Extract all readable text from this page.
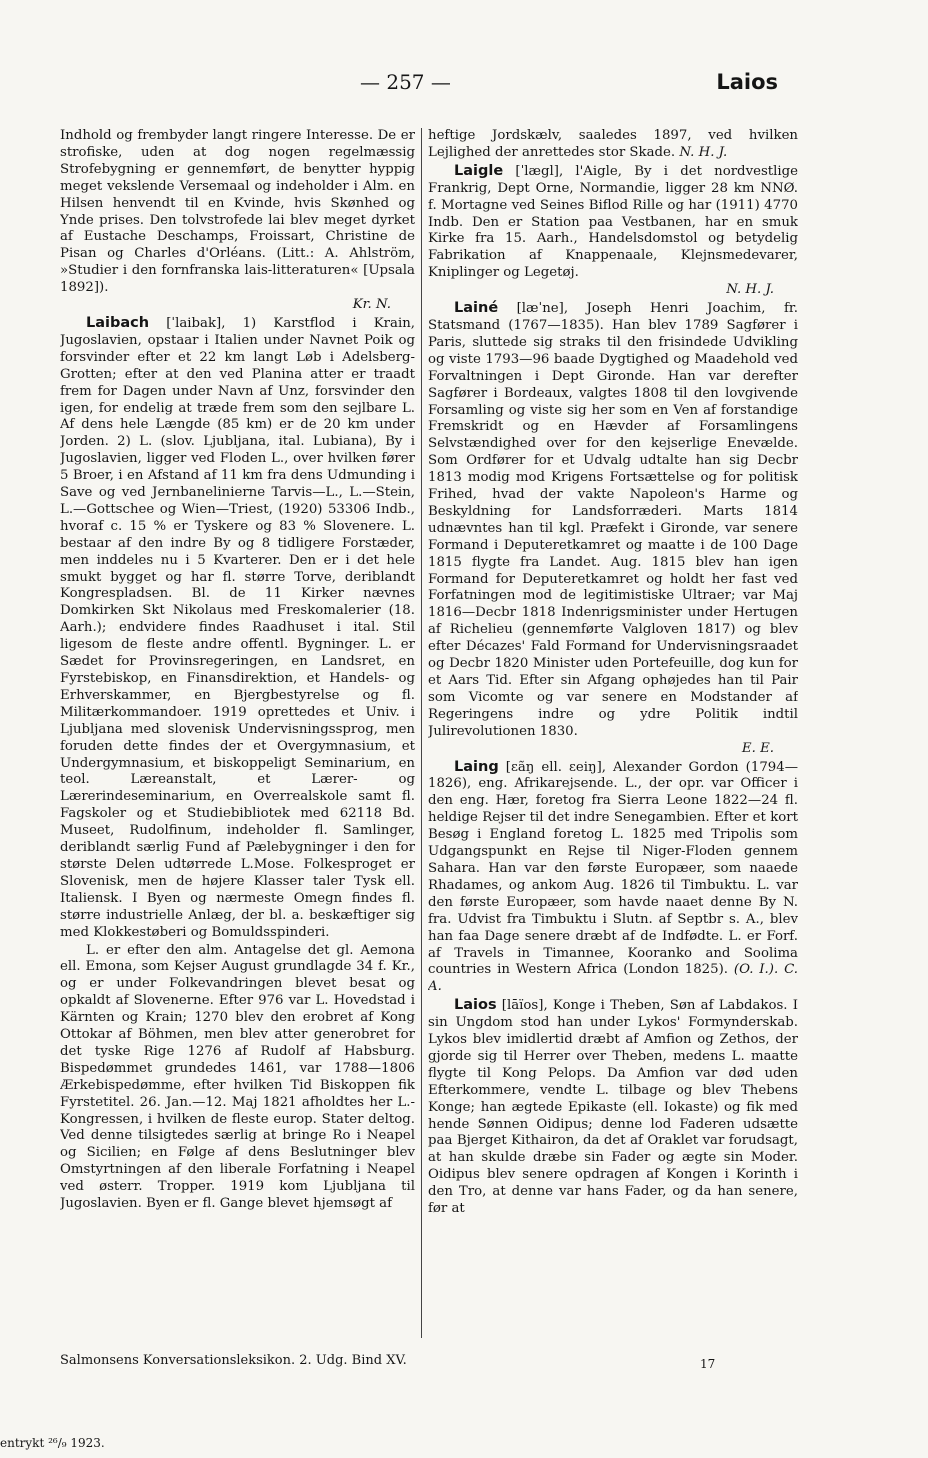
— 257 —	Laios

Indhold og frembyder langt ringere Interesse. De er strofiske, uden at dog nogen regelmæssig Strofebygning er gennemført, de benytter hyppig meget vekslende Versemaal og indeholder i Alm. en Hilsen henvendt til en Kvinde, hvis Skønhed og Ynde prises. Den tolvstrofede lai blev meget dyrket af Eustache Deschamps, Froissart, Christine de Pisan og Charles d'Orléans. (Litt.: A. Ahlström, »Studier i den fornfranska lais-litteraturen« [Upsala 1892]).
Kr. N.

Laibach [ˈlaibak], 1) Karstflod i Krain, Jugoslavien, opstaar i Italien under Navnet Poik og forsvinder efter et 22 km langt Løb i Adelsberg-Grotten; efter at den ved Planina atter er traadt frem for Dagen under Navn af Unz, forsvinder den igen, for endelig at træde frem som den sejlbare L. Af dens hele Længde (85 km) er de 20 km under Jorden. 2) L. (slov. Ljubljana, ital. Lubiana), By i Jugoslavien, ligger ved Floden L., over hvilken fører 5 Broer, i en Afstand af 11 km fra dens Udmunding i Save og ved Jernbanelinierne Tarvis—L., L.—Stein, L.—Gottschee og Wien—Triest, (1920) 53306 Indb., hvoraf c. 15 % er Tyskere og 83 % Slovenere. L. bestaar af den indre By og 8 tidligere Forstæder, men inddeles nu i 5 Kvarterer. Den er i det hele smukt bygget og har fl. større Torve, deriblandt Kongrespladsen. Bl. de 11 Kirker nævnes Domkirken Skt Nikolaus med Freskomalerier (18. Aarh.); endvidere findes Raadhuset i ital. Stil ligesom de fleste andre offentl. Bygninger. L. er Sædet for Provinsregeringen, en Landsret, en Fyrstebiskop, en Finansdirektion, et Handels- og Erhverskammer, en Bjergbestyrelse og fl. Militærkommandoer. 1919 oprettedes et Univ. i Ljubljana med slovenisk Undervisningssprog, men foruden dette findes der et Overgymnasium, et Undergymnasium, et biskoppeligt Seminarium, en teol. Læreanstalt, et Lærer- og Lærerindeseminarium, en Overrealskole samt fl. Fagskoler og et Studiebibliotek med 62118 Bd. Museet, Rudolfinum, indeholder fl. Samlinger, deriblandt særlig Fund af Pælebygninger i den for største Delen udtørrede L.Mose. Folkesproget er Slovenisk, men de højere Klasser taler Tysk ell. Italiensk. I Byen og nærmeste Omegn findes fl. større industrielle Anlæg, der bl. a. beskæftiger sig med Klokkestøberi og Bomuldsspinderi.

L. er efter den alm. Antagelse det gl. Aemona ell. Emona, som Kejser August grundlagde 34 f. Kr., og er under Folkevandringen blevet besat og opkaldt af Slovenerne. Efter 976 var L. Hovedstad i Kärnten og Krain; 1270 blev den erobret af Kong Ottokar af Böhmen, men blev atter generobret for det tyske Rige 1276 af Rudolf af Habsburg. Bispedømmet grundedes 1461, var 1788—1806 Ærkebispedømme, efter hvilken Tid Biskoppen fik Fyrstetitel. 26. Jan.—12. Maj 1821 afholdtes her L.-Kongressen, i hvilken de fleste europ. Stater deltog. Ved denne tilsigtedes særlig at bringe Ro i Neapel og Sicilien; en Følge af dens Beslutninger blev Omstyrtningen af den liberale Forfatning i Neapel ved østerr. Tropper. 1919 kom Ljubljana til Jugoslavien. Byen er fl. Gange blevet hjemsøgt af

heftige Jordskælv, saaledes 1897, ved hvilken Lejlighed der anrettedes stor Skade. N. H. J.

Laigle [ˈlægl], l'Aigle, By i det nordvestlige Frankrig, Dept Orne, Normandie, ligger 28 km NNØ. f. Mortagne ved Seines Biflod Rille og har (1911) 4770 Indb. Den er Station paa Vestbanen, har en smuk Kirke fra 15. Aarh., Handelsdomstol og betydelig Fabrikation af Knappenaale, Klejnsmedevarer, Kniplinger og Legetøj.
N. H. J.

Lainé [læˈne], Joseph Henri Joachim, fr. Statsmand (1767—1835). Han blev 1789 Sagfører i Paris, sluttede sig straks til den frisindede Udvikling og viste 1793—96 baade Dygtighed og Maadehold ved Forvaltningen i Dept Gironde. Han var derefter Sagfører i Bordeaux, valgtes 1808 til den lovgivende Forsamling og viste sig her som en Ven af forstandige Fremskridt og en Hævder af Forsamlingens Selvstændighed over for den kejserlige Enevælde. Som Ordfører for et Udvalg udtalte han sig Decbr 1813 modig mod Krigens Fortsættelse og for politisk Frihed, hvad der vakte Napoleon's Harme og Beskyldning for Landsforræderi. Marts 1814 udnævntes han til kgl. Præfekt i Gironde, var senere Formand i Deputeretkamret og maatte i de 100 Dage 1815 flygte fra Landet. Aug. 1815 blev han igen Formand for Deputeretkamret og holdt her fast ved Forfatningen mod de legitimistiske Ultraer; var Maj 1816—Decbr 1818 Indenrigsminister under Hertugen af Richelieu (gennemførte Valgloven 1817) og blev efter Décazes' Fald Formand for Undervisningsraadet og Decbr 1820 Minister uden Portefeuille, dog kun for et Aars Tid. Efter sin Afgang ophøjedes han til Pair som Vicomte og var senere en Modstander af Regeringens indre og ydre Politik indtil Julirevolutionen 1830.
E. E.

Laing [ɛãŋ ell. ɛeiŋ], Alexander Gordon (1794—1826), eng. Afrikarejsende. L., der opr. var Officer i den eng. Hær, foretog fra Sierra Leone 1822—24 fl. heldige Rejser til det indre Senegambien. Efter et kort Besøg i England foretog L. 1825 med Tripolis som Udgangspunkt en Rejse til Niger-Floden gennem Sahara. Han var den første Europæer, som naaede Rhadames, og ankom Aug. 1826 til Timbuktu. L. var den første Europæer, som havde naaet denne By N. fra. Udvist fra Timbuktu i Slutn. af Septbr s. A., blev han faa Dage senere dræbt af de Indfødte. L. er Forf. af Travels in Timannee, Kooranko and Soolima countries in Western Africa (London 1825). (O. I.). C. A.

Laios [lāïos], Konge i Theben, Søn af Labdakos. I sin Ungdom stod han under Lykos' Formynderskab. Lykos blev imidlertid dræbt af Amfion og Zethos, der gjorde sig til Herrer over Theben, medens L. maatte flygte til Kong Pelops. Da Amfion var død uden Efterkommere, vendte L. tilbage og blev Thebens Konge; han ægtede Epikaste (ell. Iokaste) og fik med hende Sønnen Oidipus; denne lod Faderen udsætte paa Bjerget Kithairon, da det af Oraklet var forudsagt, at han skulde dræbe sin Fader og ægte sin Moder. Oidipus blev senere opdragen af Kongen i Korinth i den Tro, at denne var hans Fader, og da han senere, før at

Salmonsens Konversationsleksikon. 2. Udg. Bind XV.	17
entrykt ²⁶/₉ 1923.
